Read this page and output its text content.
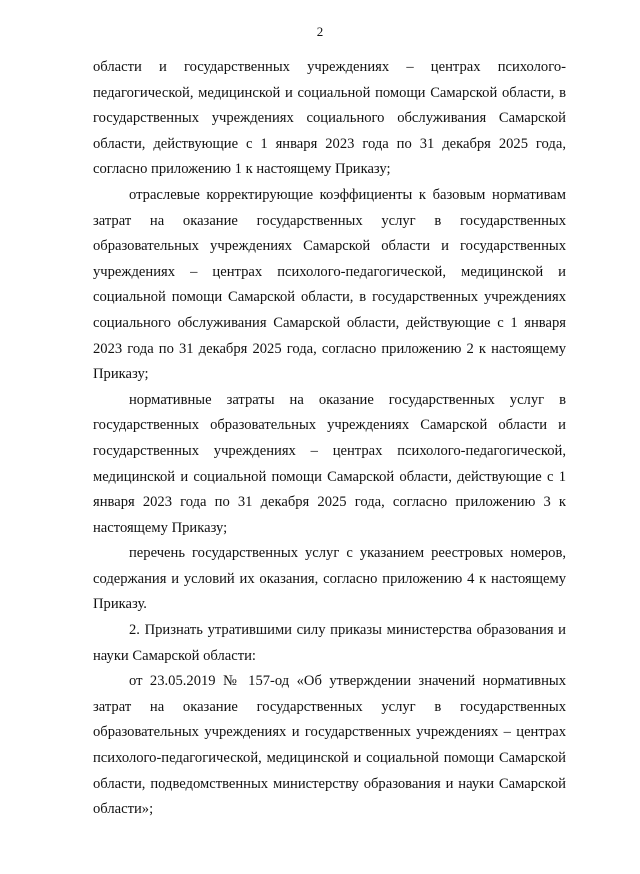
2

области и государственных учреждениях – центрах психолого-педагогической, медицинской и социальной помощи Самарской области, в государственных учреждениях социального обслуживания Самарской области, действующие с 1 января 2023 года по 31 декабря 2025 года, согласно приложению 1 к настоящему Приказу;

отраслевые корректирующие коэффициенты к базовым нормативам затрат на оказание государственных услуг в государственных образовательных учреждениях Самарской области и государственных учреждениях – центрах психолого-педагогической, медицинской и социальной помощи Самарской области, в государственных учреждениях социального обслуживания Самарской области, действующие с 1 января 2023 года по 31 декабря 2025 года, согласно приложению 2 к настоящему Приказу;

нормативные затраты на оказание государственных услуг в государственных образовательных учреждениях Самарской области и государственных учреждениях – центрах психолого-педагогической, медицинской и социальной помощи Самарской области, действующие с 1 января 2023 года по 31 декабря 2025 года, согласно приложению 3 к настоящему Приказу;

перечень государственных услуг с указанием реестровых номеров, содержания и условий их оказания, согласно приложению 4 к настоящему Приказу.

2. Признать утратившими силу приказы министерства образования и науки Самарской области:

от 23.05.2019 № 157-од «Об утверждении значений нормативных затрат на оказание государственных услуг в государственных образовательных учреждениях и государственных учреждениях – центрах психолого-педагогической, медицинской и социальной помощи Самарской области, подведомственных министерству образования и науки Самарской области»;
